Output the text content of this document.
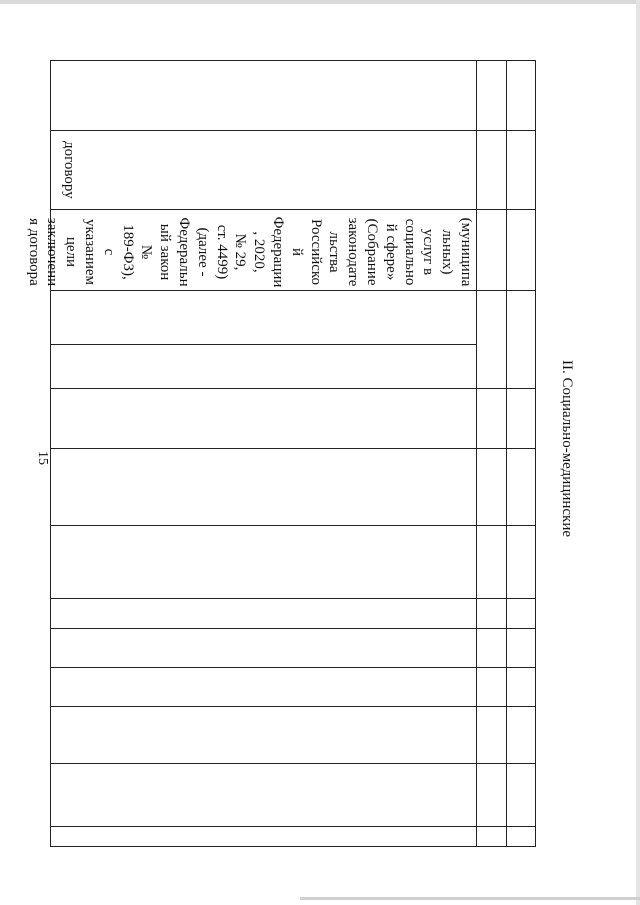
15	II. Социально-медицинские
договору
(муниципа
льных)
услуг в
социально
й сфере»
(Собрание
законодате
льства
Российско
й
Федерации
, 2020,
№ 29,
ст. 4499)
(далее -
Федеральн
ый закон
№
189-ФЗ),
с
указанием
цели
заключени
я договора
